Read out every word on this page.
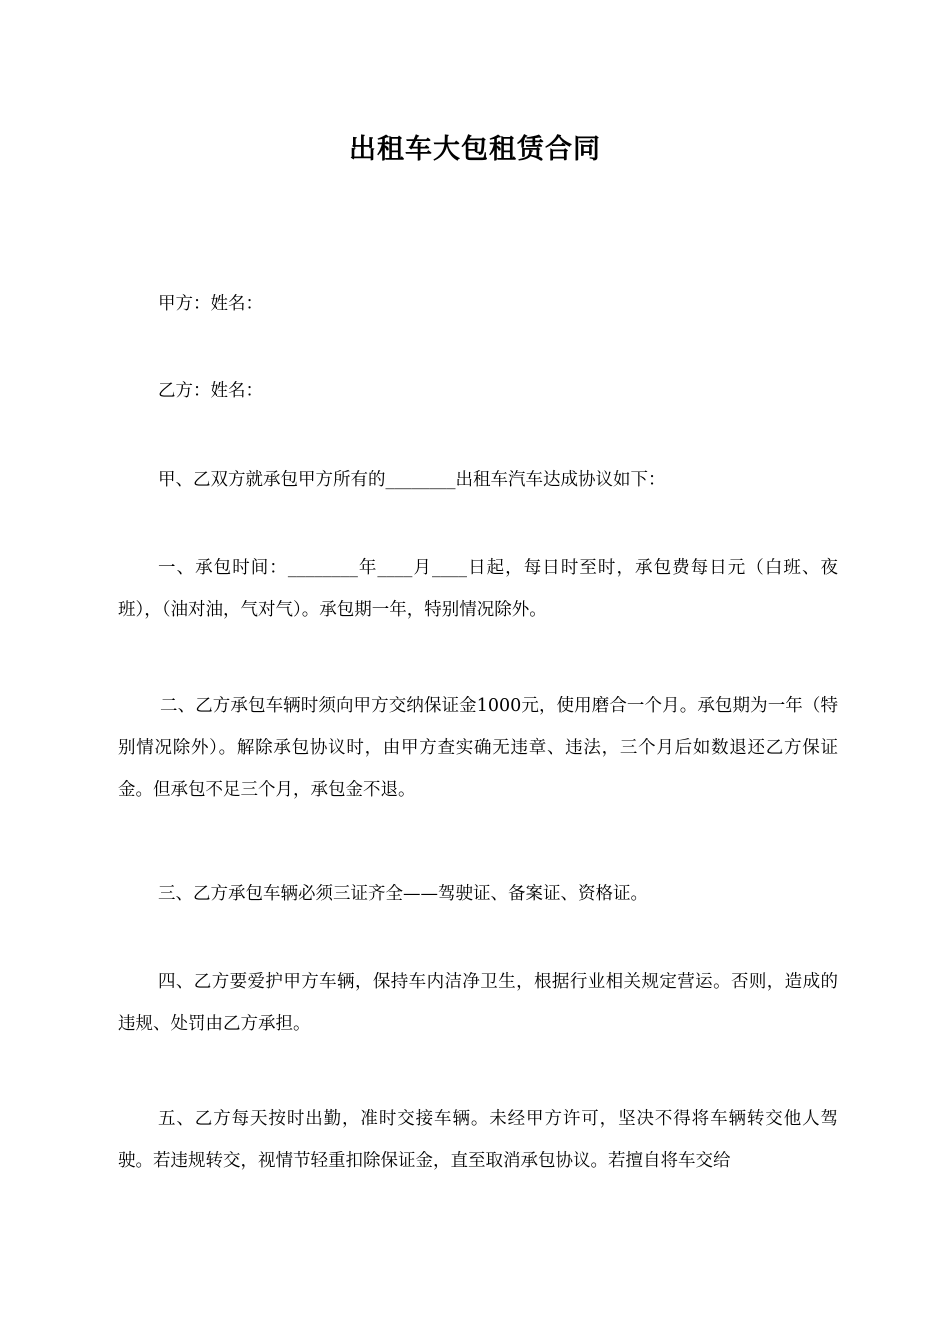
出租车大包租赁合同
甲方：姓名：
乙方：姓名：
甲、乙双方就承包甲方所有的________出租车汽车达成协议如下：
一、承包时间：________年____月____日起，每日时至时，承包费每日元（白班、夜班），（油对油，气对气）。承包期一年，特别情况除外。
二、乙方承包车辆时须向甲方交纳保证金1000元，使用磨合一个月。承包期为一年（特别情况除外）。解除承包协议时，由甲方查实确无违章、违法，三个月后如数退还乙方保证金。但承包不足三个月，承包金不退。
三、乙方承包车辆必须三证齐全——驾驶证、备案证、资格证。
四、乙方要爱护甲方车辆，保持车内洁净卫生，根据行业相关规定营运。否则，造成的违规、处罚由乙方承担。
五、乙方每天按时出勤，准时交接车辆。未经甲方许可，坚决不得将车辆转交他人驾驶。若违规转交，视情节轻重扣除保证金，直至取消承包协议。若擅自将车交给
